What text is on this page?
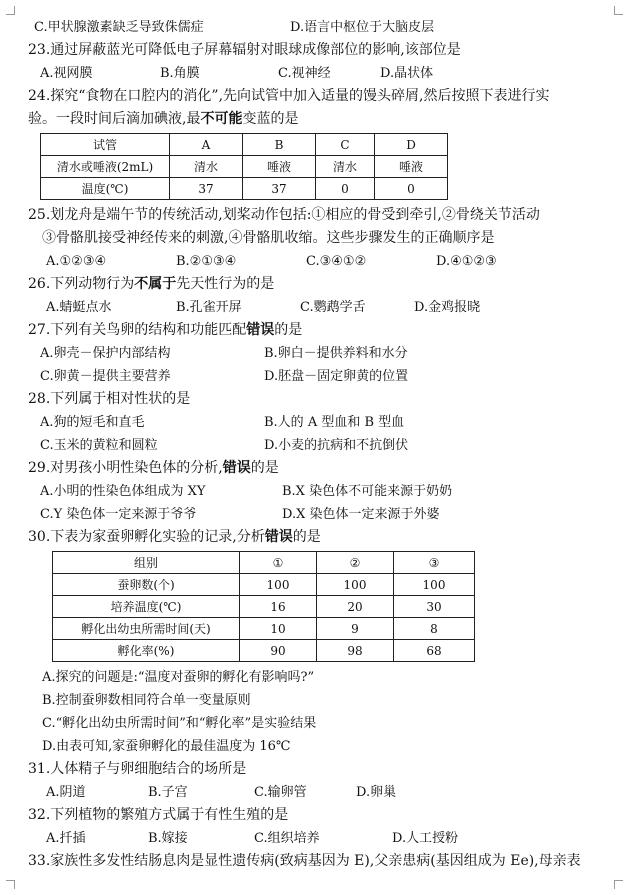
C.甲状腺激素缺乏导致侏儒症	D.语言中枢位于大脑皮层
23.通过屏蔽蓝光可降低电子屏幕辐射对眼球成像部位的影响,该部位是
A.视网膜	B.角膜	C.视神经	D.晶状体
24.探究“食物在口腔内的消化”,先向试管中加入适量的馒头碎屑,然后按照下表进行实
验。一段时间后滴加碘液,最不可能变蓝的是
试管	A	B	C	D
清水或唾液(2mL)	清水	唾液	清水	唾液
温度(℃)	37	37	0	0
25.划龙舟是端午节的传统活动,划桨动作包括:①相应的骨受到牵引,②骨绕关节活动
③骨骼肌接受神经传来的刺激,④骨骼肌收缩。这些步骤发生的正确顺序是
A.①②③④	B.②①③④	C.③④①②	D.④①②③
26.下列动物行为不属于先天性行为的是
A.蜻蜓点水	B.孔雀开屏	C.鹦鹉学舌	D.金鸡报晓
27.下列有关鸟卵的结构和功能匹配错误的是
A.卵壳－保护内部结构	B.卵白－提供养料和水分
C.卵黄－提供主要营养	D.胚盘－固定卵黄的位置
28.下列属于相对性状的是
A.狗的短毛和直毛	B.人的 A 型血和 B 型血
C.玉米的黄粒和圆粒	D.小麦的抗病和不抗倒伏
29.对男孩小明性染色体的分析,错误的是
A.小明的性染色体组成为 XY	B.X 染色体不可能来源于奶奶
C.Y 染色体一定来源于爷爷	D.X 染色体一定来源于外婆
30.下表为家蚕卵孵化实验的记录,分析错误的是
组别	①	②	③
蚕卵数(个)	100	100	100
培养温度(℃)	16	20	30
孵化出幼虫所需时间(天)	10	9	8
孵化率(%)	90	98	68
A.探究的问题是:“温度对蚕卵的孵化有影响吗?”
B.控制蚕卵数相同符合单一变量原则
C.“孵化出幼虫所需时间”和“孵化率”是实验结果
D.由表可知,家蚕卵孵化的最佳温度为 16℃
31.人体精子与卵细胞结合的场所是
A.阴道	B.子宫	C.输卵管	D.卵巢
32.下列植物的繁殖方式属于有性生殖的是
A.扦插	B.嫁接	C.组织培养	D.人工授粉
33.家族性多发性结肠息肉是显性遗传病(致病基因为 E),父亲患病(基因组成为 Ee),母亲表
